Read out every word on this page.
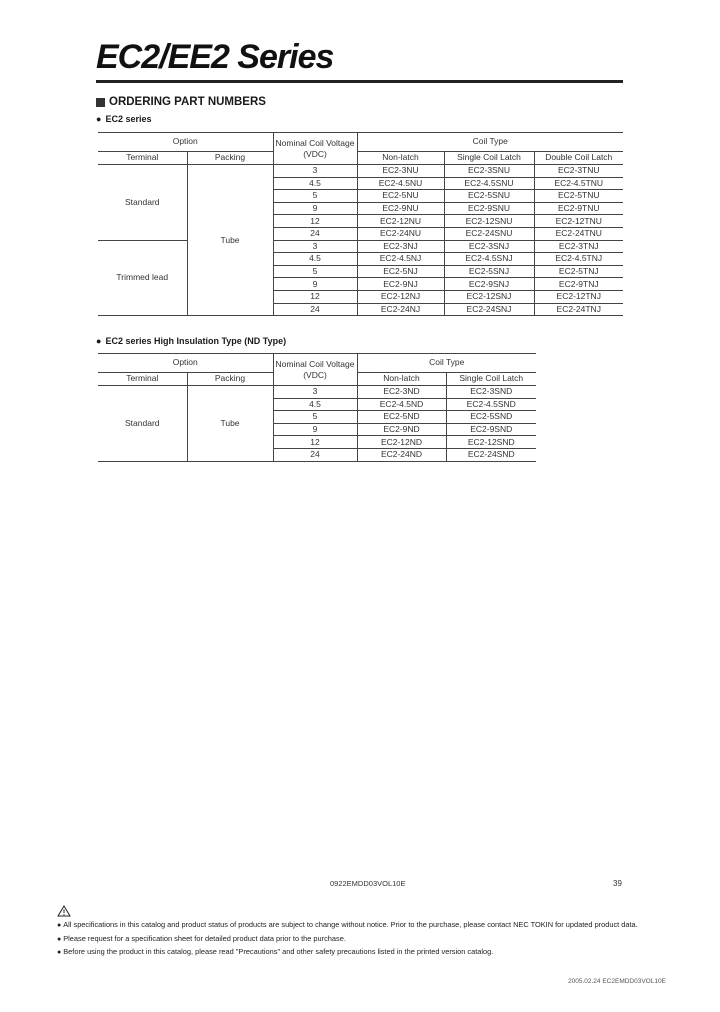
EC2/EE2 Series
ORDERING PART NUMBERS
● EC2 series
Option		Nominal Coil Voltage (VDC)	Coil Type		
Terminal	Packing		Non-latch	Single Coil Latch	Double Coil Latch
Standard	Tube	3	EC2-3NU	EC2-3SNU	EC2-3TNU
		4.5	EC2-4.5NU	EC2-4.5SNU	EC2-4.5TNU
		5	EC2-5NU	EC2-5SNU	EC2-5TNU
		9	EC2-9NU	EC2-9SNU	EC2-9TNU
		12	EC2-12NU	EC2-12SNU	EC2-12TNU
		24	EC2-24NU	EC2-24SNU	EC2-24TNU
Trimmed lead		3	EC2-3NJ	EC2-3SNJ	EC2-3TNJ
		4.5	EC2-4.5NJ	EC2-4.5SNJ	EC2-4.5TNJ
		5	EC2-5NJ	EC2-5SNJ	EC2-5TNJ
		9	EC2-9NJ	EC2-9SNJ	EC2-9TNJ
		12	EC2-12NJ	EC2-12SNJ	EC2-12TNJ
		24	EC2-24NJ	EC2-24SNJ	EC2-24TNJ
● EC2 series High Insulation Type (ND Type)
Option		Nominal Coil Voltage (VDC)	Coil Type	
Terminal	Packing		Non-latch	Single Coil Latch
Standard	Tube	3	EC2-3ND	EC2-3SND
		4.5	EC2-4.5ND	EC2-4.5SND
		5	EC2-5ND	EC2-5SND
		9	EC2-9ND	EC2-9SND
		12	EC2-12ND	EC2-12SND
		24	EC2-24ND	EC2-24SND
0922EMDD03VOL10E	39
● All specifications in this catalog and product status of products are subject to change without notice. Prior to the purchase, please contact NEC TOKIN for updated product data.
● Please request for a specification sheet for detailed product data prior to the purchase.
● Before using the product in this catalog, please read "Precautions" and other safety precautions listed in the printed version catalog.
2005.02.24 EC2EMDD03VOL10E
